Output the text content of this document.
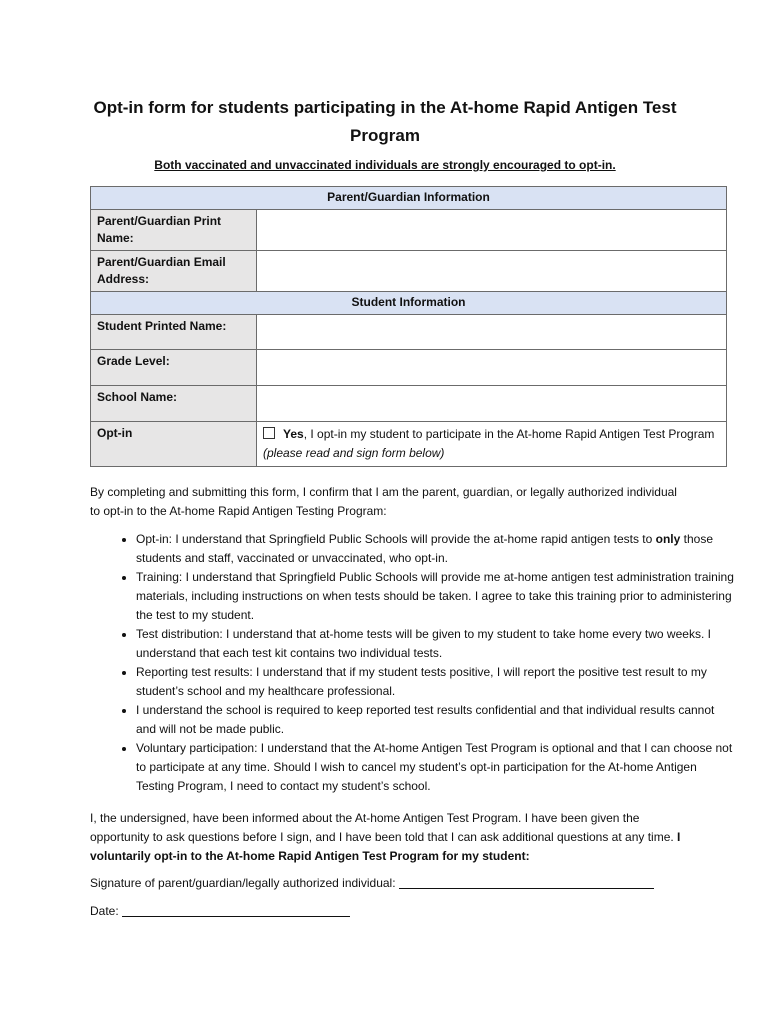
Opt-in form for students participating in the At-home Rapid Antigen Test Program
Both vaccinated and unvaccinated individuals are strongly encouraged to opt-in.
Parent/Guardian Information	
Parent/Guardian Print Name:	
Parent/Guardian Email Address:	
Student Information	
Student Printed Name:	
Grade Level:	
School Name:	
Opt-in	Yes, I opt-in my student to participate in the At-home Rapid Antigen Test Program (please read and sign form below)
By completing and submitting this form, I confirm that I am the parent, guardian, or legally authorized individual to opt-in to the At-home Rapid Antigen Testing Program:
• Opt-in: I understand that Springfield Public Schools will provide the at-home rapid antigen tests to only those students and staff, vaccinated or unvaccinated, who opt-in.
• Training: I understand that Springfield Public Schools will provide me at-home antigen test administration training materials, including instructions on when tests should be taken. I agree to take this training prior to administering the test to my student.
• Test distribution: I understand that at-home tests will be given to my student to take home every two weeks. I understand that each test kit contains two individual tests.
• Reporting test results: I understand that if my student tests positive, I will report the positive test result to my student’s school and my healthcare professional.
• I understand the school is required to keep reported test results confidential and that individual results cannot and will not be made public.
• Voluntary participation: I understand that the At-home Antigen Test Program is optional and that I can choose not to participate at any time. Should I wish to cancel my student’s opt-in participation for the At-home Antigen Testing Program, I need to contact my student’s school.
I, the undersigned, have been informed about the At-home Antigen Test Program. I have been given the opportunity to ask questions before I sign, and I have been told that I can ask additional questions at any time. I voluntarily opt-in to the At-home Rapid Antigen Test Program for my student:
Signature of parent/guardian/legally authorized individual:
Date:
